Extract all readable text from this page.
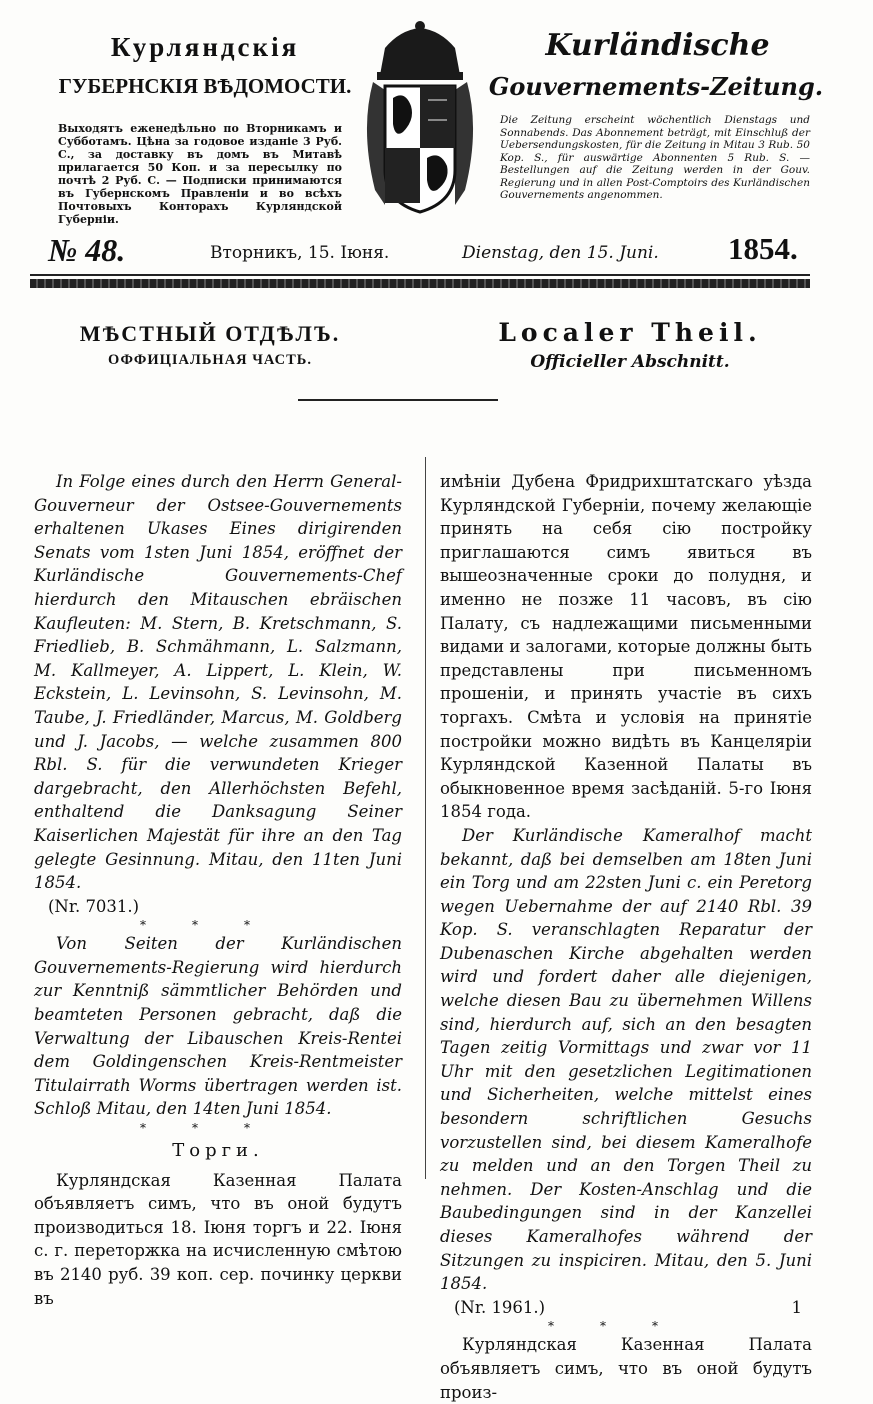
Курляндскія
ГУБЕРНСКІЯ ВѢДОМОСТИ.
Выходятъ еженедѣльно по Вторникамъ и Субботамъ. Цѣна за годовое изданіе 3 Руб. С., за доставку въ домъ въ Митавѣ прилагается 50 Коп. и за пересылку по почтѣ 2 Руб. С. — Подписки принимаются въ Губернскомъ Правленіи и во всѣхъ Почтовыхъ Конторахъ Курляндской Губерніи.
Kurländische
Gouvernements-Zeitung.
Die Zeitung erscheint wöchentlich Dienstags und Sonnabends. Das Abonnement beträgt, mit Einschluß der Uebersendungskosten, für die Zeitung in Mitau 3 Rub. 50 Kop. S., für auswärtige Abonnenten 5 Rub. S. — Bestellungen auf die Zeitung werden in der Gouv. Regierung und in allen Post-Comptoirs des Kurländischen Gouvernements angenommen.
№ 48.	Вторникъ, 15. Іюня.	Dienstag, den 15. Juni. 1854.
МѢСТНЫЙ ОТДѢЛЪ.
ОФФИЦІАЛЬНАЯ ЧАСТЬ.
Localer Theil.
Officieller Abschnitt.

In Folge eines durch den Herrn General-Gouverneur der Ostsee-Gouvernements erhaltenen Ukases Eines dirigirenden Senats vom 1sten Juni 1854, eröffnet der Kurländische Gouvernements-Chef hierdurch den Mitauschen ebräischen Kaufleuten: M. Stern, B. Kretschmann, S. Friedlieb, B. Schmähmann, L. Salzmann, M. Kallmeyer, A. Lippert, L. Klein, W. Eckstein, L. Levinsohn, S. Levinsohn, M. Taube, J. Friedländer, Marcus, M. Goldberg und J. Jacobs, — welche zusammen 800 Rbl. S. für die verwundeten Krieger dargebracht, den Allerhöchsten Befehl, enthaltend die Danksagung Seiner Kaiserlichen Majestät für ihre an den Tag gelegte Gesinnung. Mitau, den 11ten Juni 1854.

(Nr. 7031.)

***

Von Seiten der Kurländischen Gouvernements-Regierung wird hierdurch zur Kenntniß sämmtlicher Behörden und beamteten Personen gebracht, daß die Verwaltung der Libauschen Kreis-Rentei dem Goldingenschen Kreis-Rentmeister Titulairrath Worms übertragen werden ist. Schloß Mitau, den 14ten Juni 1854.

***
Торги.

Курляндская Казенная Палата объявляетъ симъ, что въ оной будутъ производиться 18. Іюня торгъ и 22. Іюня с. г. переторжка на исчисленную смѣтою въ 2140 руб. 39 коп. сер. починку церкви въ

имѣніи Дубена Фридрихштатскаго уѣзда Курляндской Губерніи, почему желающіе принять на себя сію постройку приглашаются симъ явиться въ вышеозначенные сроки до полудня, и именно не позже 11 часовъ, въ сію Палату, съ надлежащими письменными видами и залогами, которые должны быть представлены при письменномъ прошеніи, и принять участіе въ сихъ торгахъ. Смѣта и условія на принятіе постройки можно видѣть въ Канцеляріи Курляндской Казенной Палаты въ обыкновенное время засѣданій. 5-го Іюня 1854 года.

Der Kurländische Kameralhof macht bekannt, daß bei demselben am 18ten Juni ein Torg und am 22sten Juni c. ein Peretorg wegen Uebernahme der auf 2140 Rbl. 39 Kop. S. veranschlagten Reparatur der Dubenaschen Kirche abgehalten werden wird und fordert daher alle diejenigen, welche diesen Bau zu übernehmen Willens sind, hierdurch auf, sich an den besagten Tagen zeitig Vormittags und zwar vor 11 Uhr mit den gesetzlichen Legitimationen und Sicherheiten, welche mittelst eines besondern schriftlichen Gesuchs vorzustellen sind, bei diesem Kameralhofe zu melden und an den Torgen Theil zu nehmen. Der Kosten-Anschlag und die Baubedingungen sind in der Kanzellei dieses Kameralhofes während der Sitzungen zu inspiciren. Mitau, den 5. Juni 1854.

(Nr. 1961.)	1
***

Курляндская Казенная Палата объявляетъ симъ, что въ оной будутъ произ-
